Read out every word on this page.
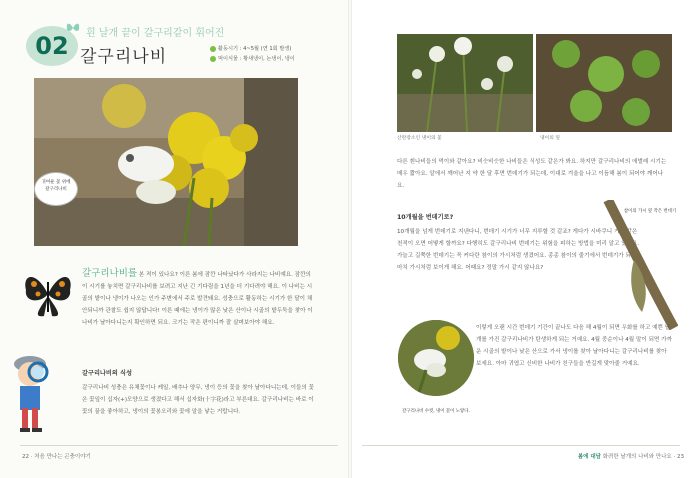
02	흰 날개 끝이 갈구리같이 휘어진
갈구리나비	활동시기 : 4~5월 (연 1회 발생)
먹이식물 : 황새냉이, 논냉이, 냉이
귀여운 꽃 위에 갈구리나비
갈구리나비를 본 적이 있나요? 이른 봄에 잠깐 나타났다가 사라지는 나비예요. 잠깐의 이 시기를 놓치면 갈구리나비를 보려고 지난 긴 기다림을 1년을 더 기다려야 해요. 이 나비는 시골의 밭이나 냉이가 나오는 인가 주변에서 주로 발견돼요. 성충으로 활동하는 시기가 한 달이 채 안되니까 관찰도 쉽지 않답니다! 이른 때에는 냉이가 많은 낮은 산이나 시골의 밭두둑을 찾아 이 나비가 날아다니는지 확인하면 되요. 크기는 작은 편이니까 잘 살펴보아야 해요.
갈구리나비의 식성
갈구리나비 성충은 유채꽃이나 케일, 배추나 양무, 냉이 등의 꽃을 찾아 날아다니는데, 이들의 꽃은 꽃잎이 십자(+)모양으로 생겼다고 해서 십자화(十字花)라고 부른대요. 갈구리나비는 바로 이 꽃의 꿀을 좋아하고, 냉이의 꽃봉오리와 꽃에 알을 낳는 거랍니다.
22 · 처음 만나는 곤충이야기
산란장소인 냉이의 꽃	냉이의 잎
다른 흰나비들의 먹이와 같아요? 비슷비슷한 나비들은 식성도 같은가 봐요. 하지만 갈구리나비의 애벌레 시기는 매우 짧아요. 알에서 깨어난 지 약 한 달 후면 번데기가 되는데, 이대로 겨울을 나고 이듬해 봄이 되어야 깨어나요.
10개월을 번데기로?
10개월을 넘게 번데기로 지낸다니, 번데기 시기가 너무 지루할 것 같죠? 게다가 시바쿠니 거미 같은 천적이 오면 어떻게 할까요? 다행히도 갈구리나비 번데기는 위험을 피하는 방법을 미리 알고 있어요. 가늘고 길쭉한 번데기는 꼭 커다란 참이의 가시처럼 생겼어요. 종종 참이의 줄기에서 번데기가 되어 마치 가시처럼 보이게 해요. 어때요? 정말 가시 같지 않나요?
참이의 가시 옆 작은 번데기
갈구리나비 수컷, 냉이 꽃이 노랗다.
이렇게 오랜 시간 번데기 기간이 끝나도 다음 해 4월이 되면 우화를 하고 예쁜 날개를 가진 갈구리나비가 탄생하게 되는 거예요. 4월 중순이나 4월 말이 되면 가까운 시골의 밭이나 낮은 산으로 가서 냉이를 찾아 날아다니는 갈구리나비를 찾아보세요. 아마 귀엽고 신비한 나비가 친구들을 반길게 맞아줄 거예요.
봄에 대담 화려한 날개의 나비와 만나요 · 23
